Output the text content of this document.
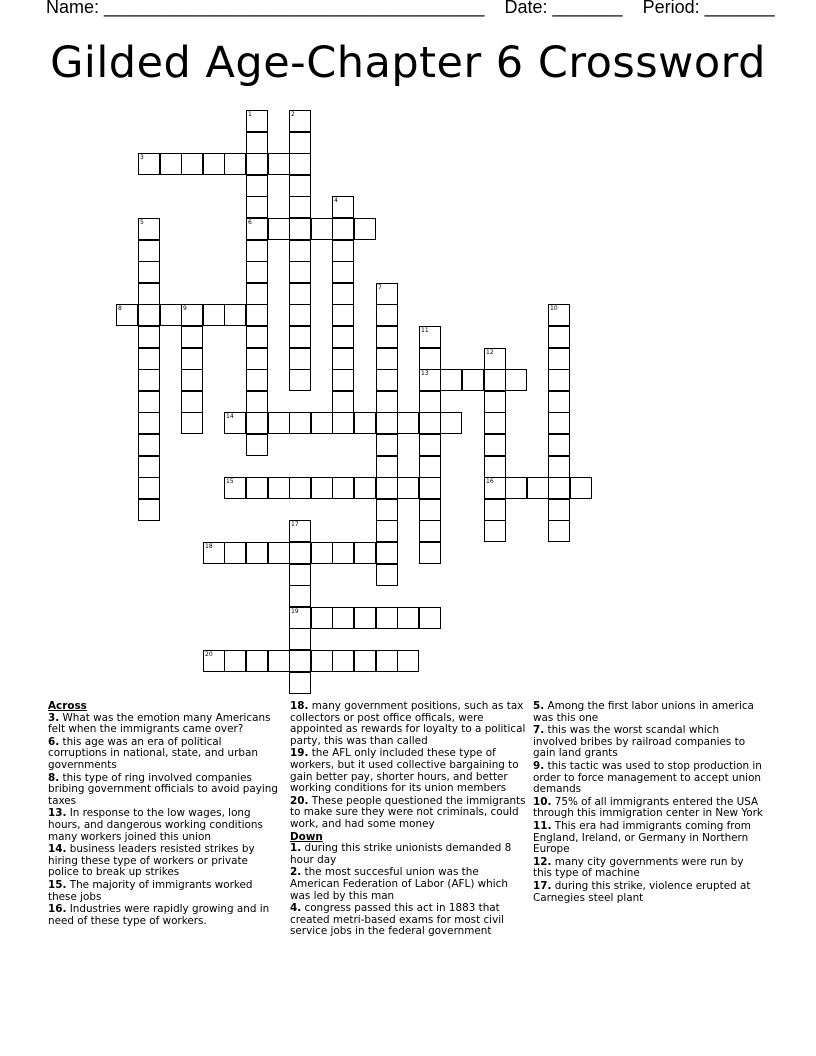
Name: ______________________________________ Date: _______ Period: _______
Gilded Age-Chapter 6 Crossword
1
6
2
3
4
5
7
8	9	10
11
13
12
16
14
15
17
19
18
20
Across
3. What was the emotion many Americans felt when the immigrants came over?
6. this age was an era of political corruptions in national, state, and urban governments
8. this type of ring involved companies bribing government officials to avoid paying taxes
13. In response to the low wages, long hours, and dangerous working conditions many workers joined this union
14. business leaders resisted strikes by hiring these type of workers or private police to break up strikes
15. The majority of immigrants worked these jobs
16. Industries were rapidly growing and in need of these type of workers.
18. many government positions, such as tax collectors or post office officals, were appointed as rewards for loyalty to a political party, this was than called
19. the AFL only included these type of workers, but it used collective bargaining to gain better pay, shorter hours, and better working conditions for its union members
20. These people questioned the immigrants to make sure they were not criminals, could work, and had some money
Down
1. during this strike unionists demanded 8 hour day
2. the most succesful union was the American Federation of Labor (AFL) which was led by this man
4. congress passed this act in 1883 that created metri-based exams for most civil service jobs in the federal government
5. Among the first labor unions in america was this one
7. this was the worst scandal which involved bribes by railroad companies to gain land grants
9. this tactic was used to stop production in order to force management to accept union demands
10. 75% of all immigrants entered the USA through this immigration center in New York
11. This era had immigrants coming from England, Ireland, or Germany in Northern Europe
12. many city governments were run by this type of machine
17. during this strike, violence erupted at Carnegies steel plant
